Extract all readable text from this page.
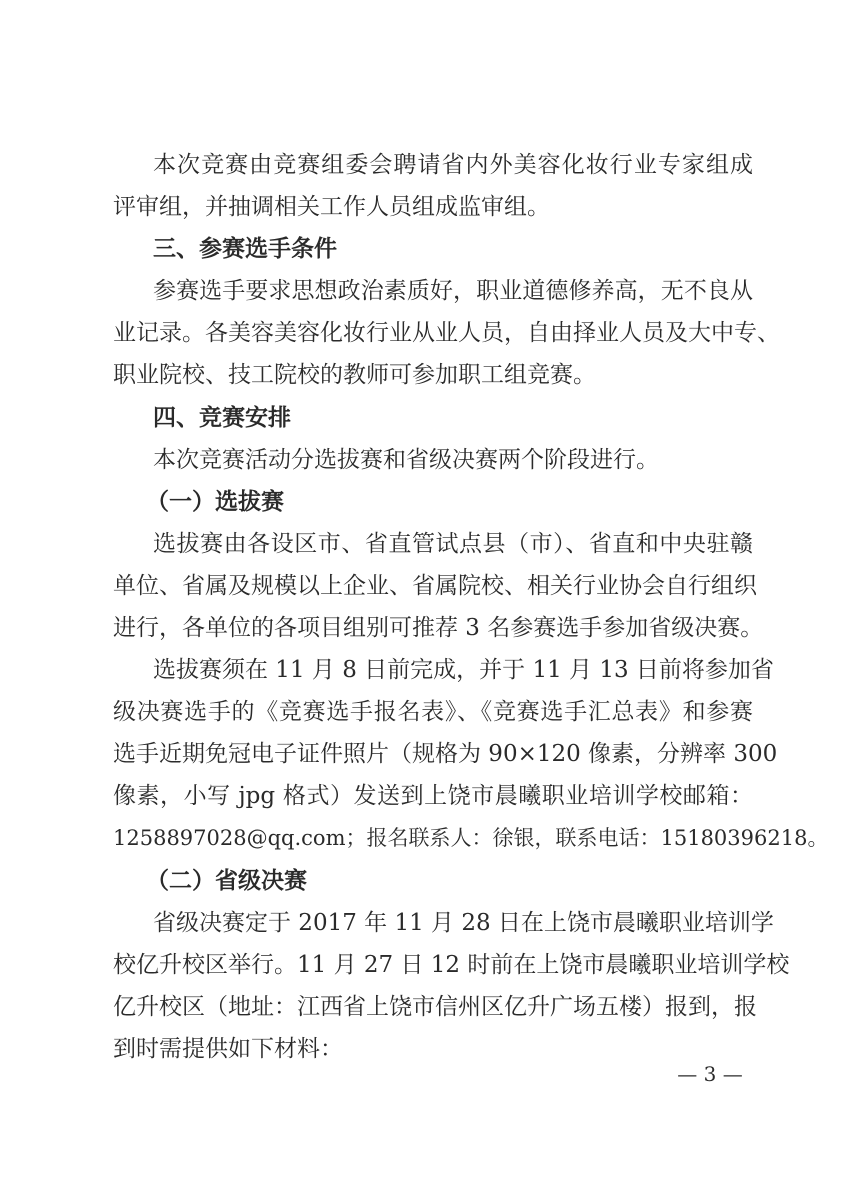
本次竞赛由竞赛组委会聘请省内外美容化妆行业专家组成
评审组，并抽调相关工作人员组成监审组。
三、参赛选手条件
参赛选手要求思想政治素质好，职业道德修养高，无不良从
业记录。各美容美容化妆行业从业人员，自由择业人员及大中专、
职业院校、技工院校的教师可参加职工组竞赛。
四、竞赛安排
本次竞赛活动分选拔赛和省级决赛两个阶段进行。
（一）选拔赛
选拔赛由各设区市、省直管试点县（市）、省直和中央驻赣
单位、省属及规模以上企业、省属院校、相关行业协会自行组织
进行，各单位的各项目组别可推荐 3 名参赛选手参加省级决赛。
选拔赛须在 11 月 8 日前完成，并于 11 月 13 日前将参加省
级决赛选手的《竞赛选手报名表》、《竞赛选手汇总表》和参赛
选手近期免冠电子证件照片（规格为 90×120 像素，分辨率 300
像素，小写 jpg 格式）发送到上饶市晨曦职业培训学校邮箱：
1258897028@qq.com；报名联系人：徐银，联系电话：15180396218。
（二）省级决赛
省级决赛定于 2017 年 11 月 28 日在上饶市晨曦职业培训学
校亿升校区举行。11 月 27 日 12 时前在上饶市晨曦职业培训学校
亿升校区（地址：江西省上饶市信州区亿升广场五楼）报到，报
到时需提供如下材料：
— 3 —
